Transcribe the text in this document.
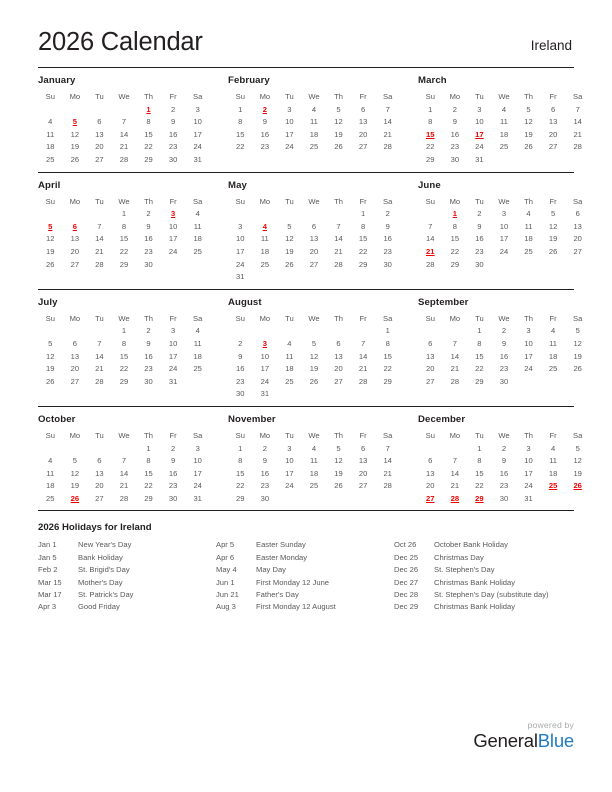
2026 Calendar	Ireland
January
Su	Mo	Tu	We	Th	Fr	Sa
				1	2	3
4	5	6	7	8	9	10
11	12	13	14	15	16	17
18	19	20	21	22	23	24
25	26	27	28	29	30	31
February
Su	Mo	Tu	We	Th	Fr	Sa
1	2	3	4	5	6	7
8	9	10	11	12	13	14
15	16	17	18	19	20	21
22	23	24	25	26	27	28
March
Su	Mo	Tu	We	Th	Fr	Sa
1	2	3	4	5	6	7
8	9	10	11	12	13	14
15	16	17	18	19	20	21
22	23	24	25	26	27	28
29	30	31				
April
Su	Mo	Tu	We	Th	Fr	Sa
			1	2	3	4
5	6	7	8	9	10	11
12	13	14	15	16	17	18
19	20	21	22	23	24	25
26	27	28	29	30		
May
Su	Mo	Tu	We	Th	Fr	Sa
					1	2
3	4	5	6	7	8	9
10	11	12	13	14	15	16
17	18	19	20	21	22	23
24	25	26	27	28	29	30
31						
June
Su	Mo	Tu	We	Th	Fr	Sa
	1	2	3	4	5	6
7	8	9	10	11	12	13
14	15	16	17	18	19	20
21	22	23	24	25	26	27
28	29	30				
July
Su	Mo	Tu	We	Th	Fr	Sa
			1	2	3	4
5	6	7	8	9	10	11
12	13	14	15	16	17	18
19	20	21	22	23	24	25
26	27	28	29	30	31	
August
Su	Mo	Tu	We	Th	Fr	Sa
						1
2	3	4	5	6	7	8
9	10	11	12	13	14	15
16	17	18	19	20	21	22
23	24	25	26	27	28	29
30	31					
September
Su	Mo	Tu	We	Th	Fr	Sa
		1	2	3	4	5
6	7	8	9	10	11	12
13	14	15	16	17	18	19
20	21	22	23	24	25	26
27	28	29	30			
October
Su	Mo	Tu	We	Th	Fr	Sa
				1	2	3
4	5	6	7	8	9	10
11	12	13	14	15	16	17
18	19	20	21	22	23	24
25	26	27	28	29	30	31
November
Su	Mo	Tu	We	Th	Fr	Sa
1	2	3	4	5	6	7
8	9	10	11	12	13	14
15	16	17	18	19	20	21
22	23	24	25	26	27	28
29	30					
December
Su	Mo	Tu	We	Th	Fr	Sa
		1	2	3	4	5
6	7	8	9	10	11	12
13	14	15	16	17	18	19
20	21	22	23	24	25	26
27	28	29	30	31		
2026 Holidays for Ireland
Jan 1	New Year's Day
Jan 5	Bank Holiday
Feb 2	St. Brigid's Day
Mar 15	Mother's Day
Mar 17	St. Patrick's Day
Apr 3	Good Friday
Apr 5	Easter Sunday
Apr 6	Easter Monday
May 4	May Day
Jun 1	First Monday 12 June
Jun 21	Father's Day
Aug 3	First Monday 12 August
Oct 26	October Bank Holiday
Dec 25	Christmas Day
Dec 26	St. Stephen's Day
Dec 27	Christmas Bank Holiday
Dec 28	St. Stephen's Day (substitute day)
Dec 29	Christmas Bank Holiday
powered by
GeneralBlue
